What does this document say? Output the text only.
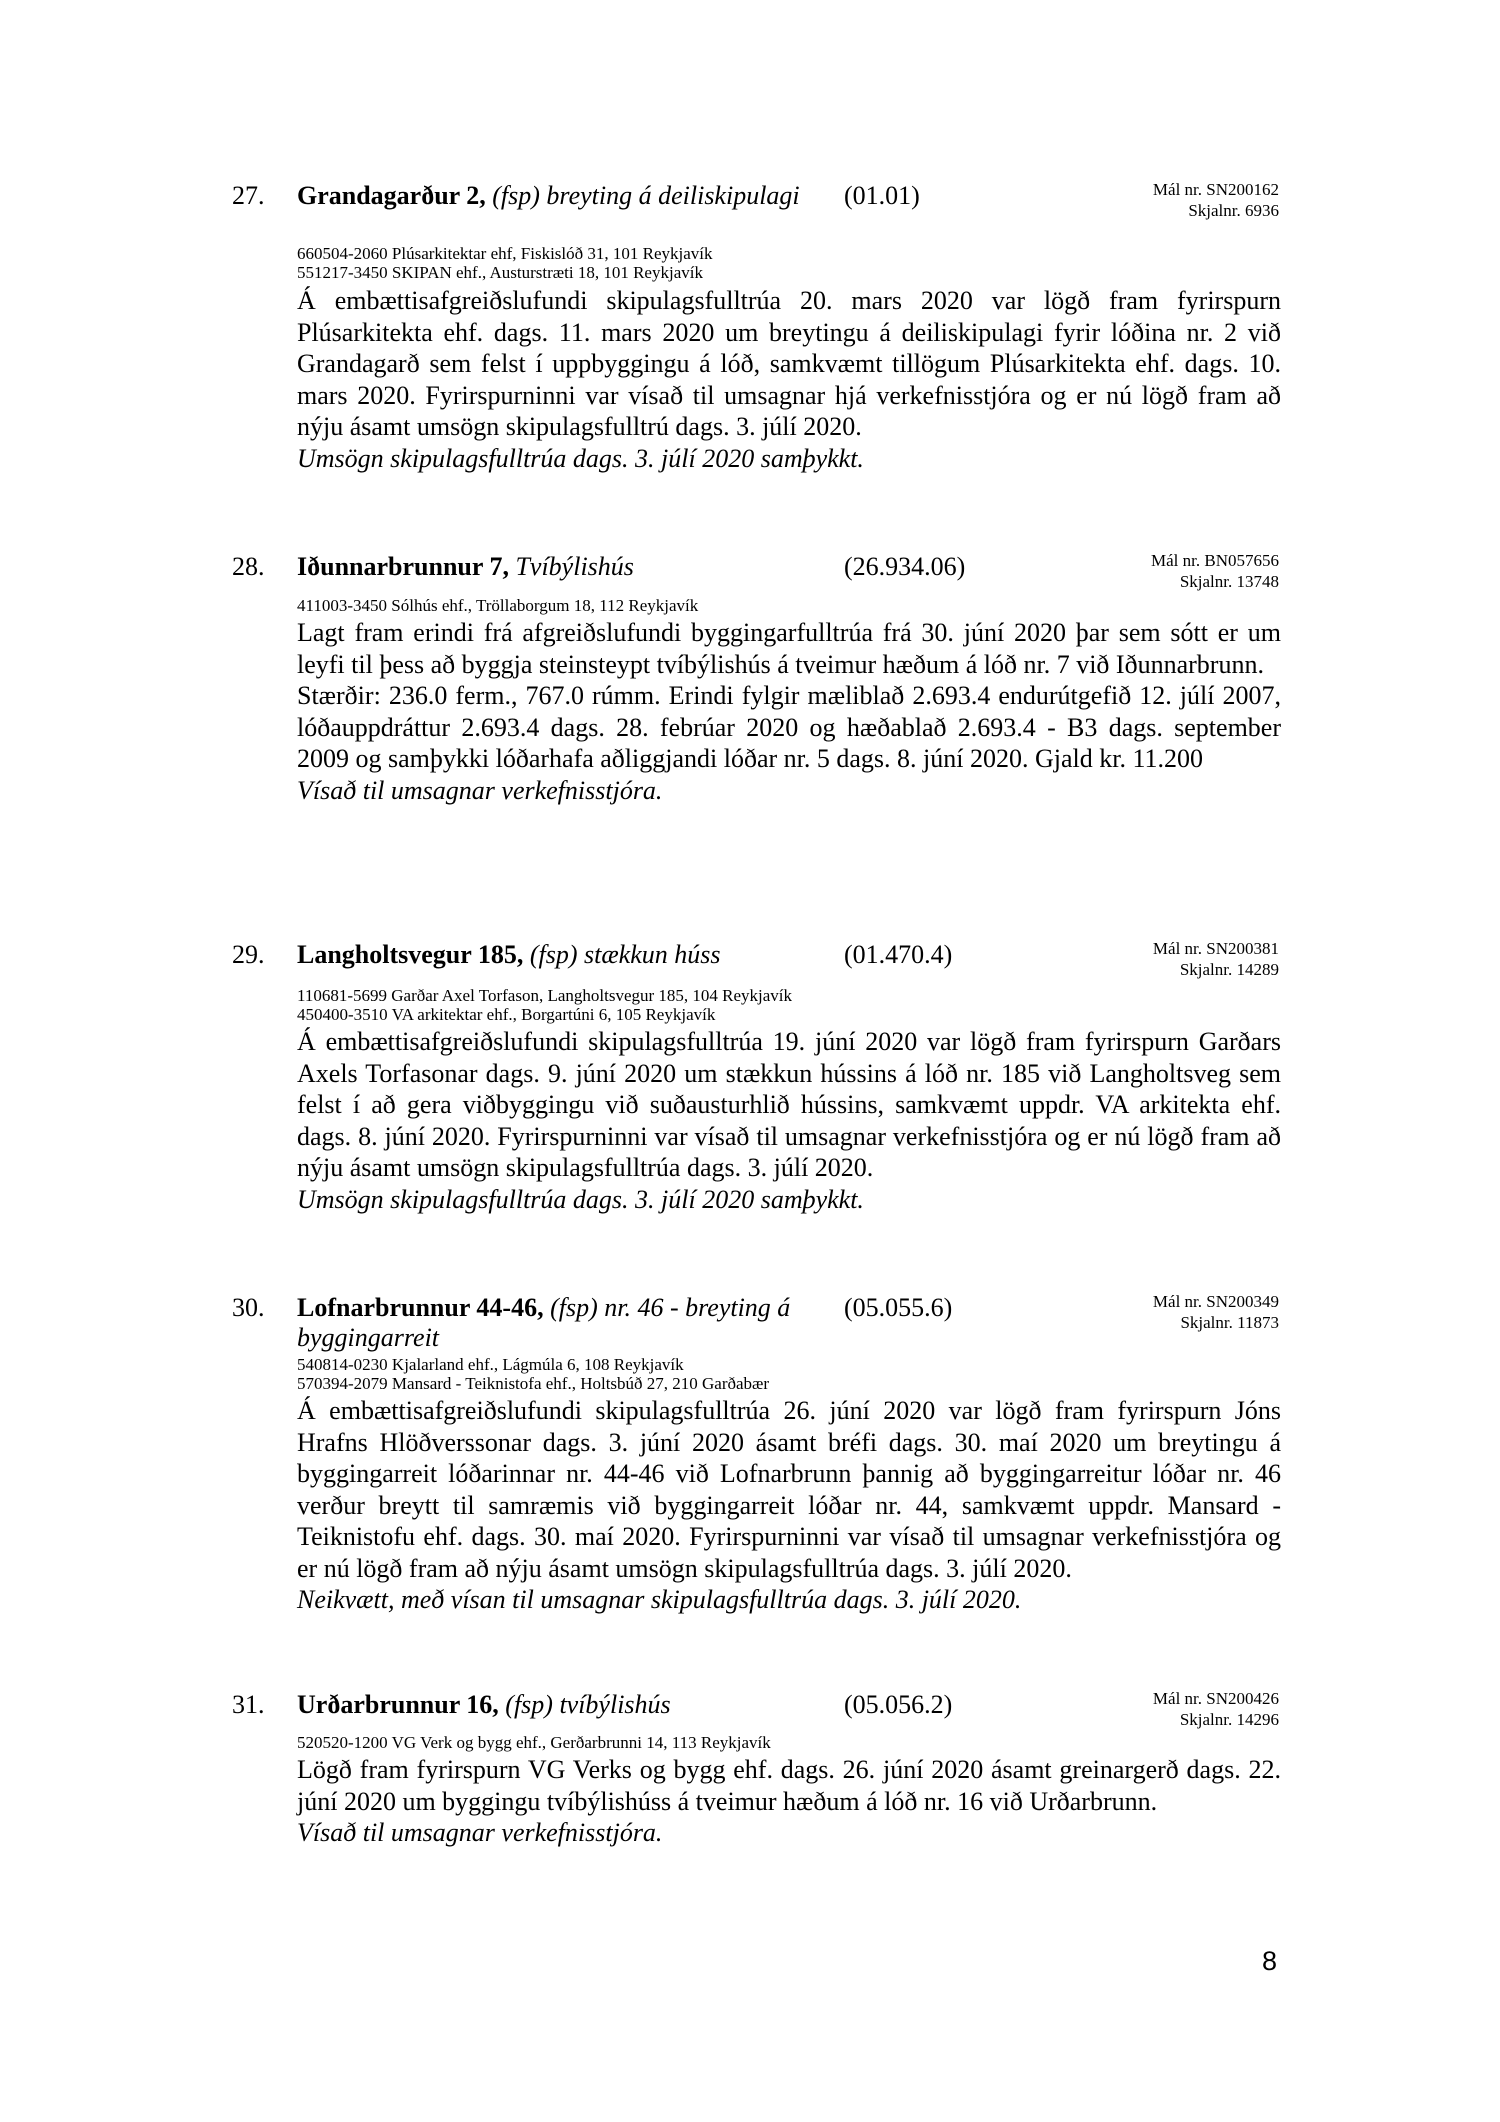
27. Grandagarður 2, (fsp) breyting á deiliskipulagi (01.01)	Mál nr. SN200162
Skjalnr. 6936
660504-2060 Plúsarkitektar ehf, Fiskislóð 31, 101 Reykjavík
551217-3450 SKIPAN ehf., Austurstræti 18, 101 Reykjavík

Á embættisafgreiðslufundi skipulagsfulltrúa 20. mars 2020 var lögð fram fyrirspurn Plúsarkitekta ehf. dags. 11. mars 2020 um breytingu á deiliskipulagi fyrir lóðina nr. 2 við Grandagarð sem felst í uppbyggingu á lóð, samkvæmt tillögum Plúsarkitekta ehf. dags. 10. mars 2020. Fyrirspurninni var vísað til umsagnar hjá verkefnisstjóra og er nú lögð fram að nýju ásamt umsögn skipulagsfulltrú dags. 3. júlí 2020.

Umsögn skipulagsfulltrúa dags. 3. júlí 2020 samþykkt.

28. Iðunnarbrunnur 7, Tvíbýlishús	(26.934.06)	Mál nr. BN057656
Skjalnr. 13748
411003-3450 Sólhús ehf., Tröllaborgum 18, 112 Reykjavík

Lagt fram erindi frá afgreiðslufundi byggingarfulltrúa frá 30. júní 2020 þar sem sótt er um leyfi til þess að byggja steinsteypt tvíbýlishús á tveimur hæðum á lóð nr. 7 við Iðunnarbrunn.

Stærðir: 236.0 ferm., 767.0 rúmm. Erindi fylgir mæliblað 2.693.4 endurútgefið 12. júlí 2007, lóðauppdráttur 2.693.4 dags. 28. febrúar 2020 og hæðablað 2.693.4 - B3 dags. september 2009 og samþykki lóðarhafa aðliggjandi lóðar nr. 5 dags. 8. júní 2020. Gjald kr. 11.200

Vísað til umsagnar verkefnisstjóra.

29. Langholtsvegur 185, (fsp) stækkun húss	(01.470.4)	Mál nr. SN200381
Skjalnr. 14289
110681-5699 Garðar Axel Torfason, Langholtsvegur 185, 104 Reykjavík
450400-3510 VA arkitektar ehf., Borgartúni 6, 105 Reykjavík

Á embættisafgreiðslufundi skipulagsfulltrúa 19. júní 2020 var lögð fram fyrirspurn Garðars Axels Torfasonar dags. 9. júní 2020 um stækkun hússins á lóð nr. 185 við Langholtsveg sem felst í að gera viðbyggingu við suðausturhlið hússins, samkvæmt uppdr. VA arkitekta ehf. dags. 8. júní 2020. Fyrirspurninni var vísað til umsagnar verkefnisstjóra og er nú lögð fram að nýju ásamt umsögn skipulagsfulltrúa dags. 3. júlí 2020.

Umsögn skipulagsfulltrúa dags. 3. júlí 2020 samþykkt.

30. Lofnarbrunnur 44-46, (fsp) nr. 46 - breyting á byggingarreit
(05.055.6)	Mál nr. SN200349
Skjalnr. 11873
540814-0230 Kjalarland ehf., Lágmúla 6, 108 Reykjavík
570394-2079 Mansard - Teiknistofa ehf., Holtsbúð 27, 210 Garðabær

Á embættisafgreiðslufundi skipulagsfulltrúa 26. júní 2020 var lögð fram fyrirspurn Jóns Hrafns Hlöðverssonar dags. 3. júní 2020 ásamt bréfi dags. 30. maí 2020 um breytingu á byggingarreit lóðarinnar nr. 44-46 við Lofnarbrunn þannig að byggingarreitur lóðar nr. 46 verður breytt til samræmis við byggingarreit lóðar nr. 44, samkvæmt uppdr. Mansard - Teiknistofu ehf. dags. 30. maí 2020. Fyrirspurninni var vísað til umsagnar verkefnisstjóra og er nú lögð fram að nýju ásamt umsögn skipulagsfulltrúa dags. 3. júlí 2020.

Neikvætt, með vísan til umsagnar skipulagsfulltrúa dags. 3. júlí 2020.

31. Urðarbrunnur 16, (fsp) tvíbýlishús	(05.056.2)	Mál nr. SN200426
Skjalnr. 14296
520520-1200 VG Verk og bygg ehf., Gerðarbrunni 14, 113 Reykjavík

Lögð fram fyrirspurn VG Verks og bygg ehf. dags. 26. júní 2020 ásamt greinargerð dags. 22. júní 2020 um byggingu tvíbýlishúss á tveimur hæðum á lóð nr. 16 við Urðarbrunn.

Vísað til umsagnar verkefnisstjóra.

8
